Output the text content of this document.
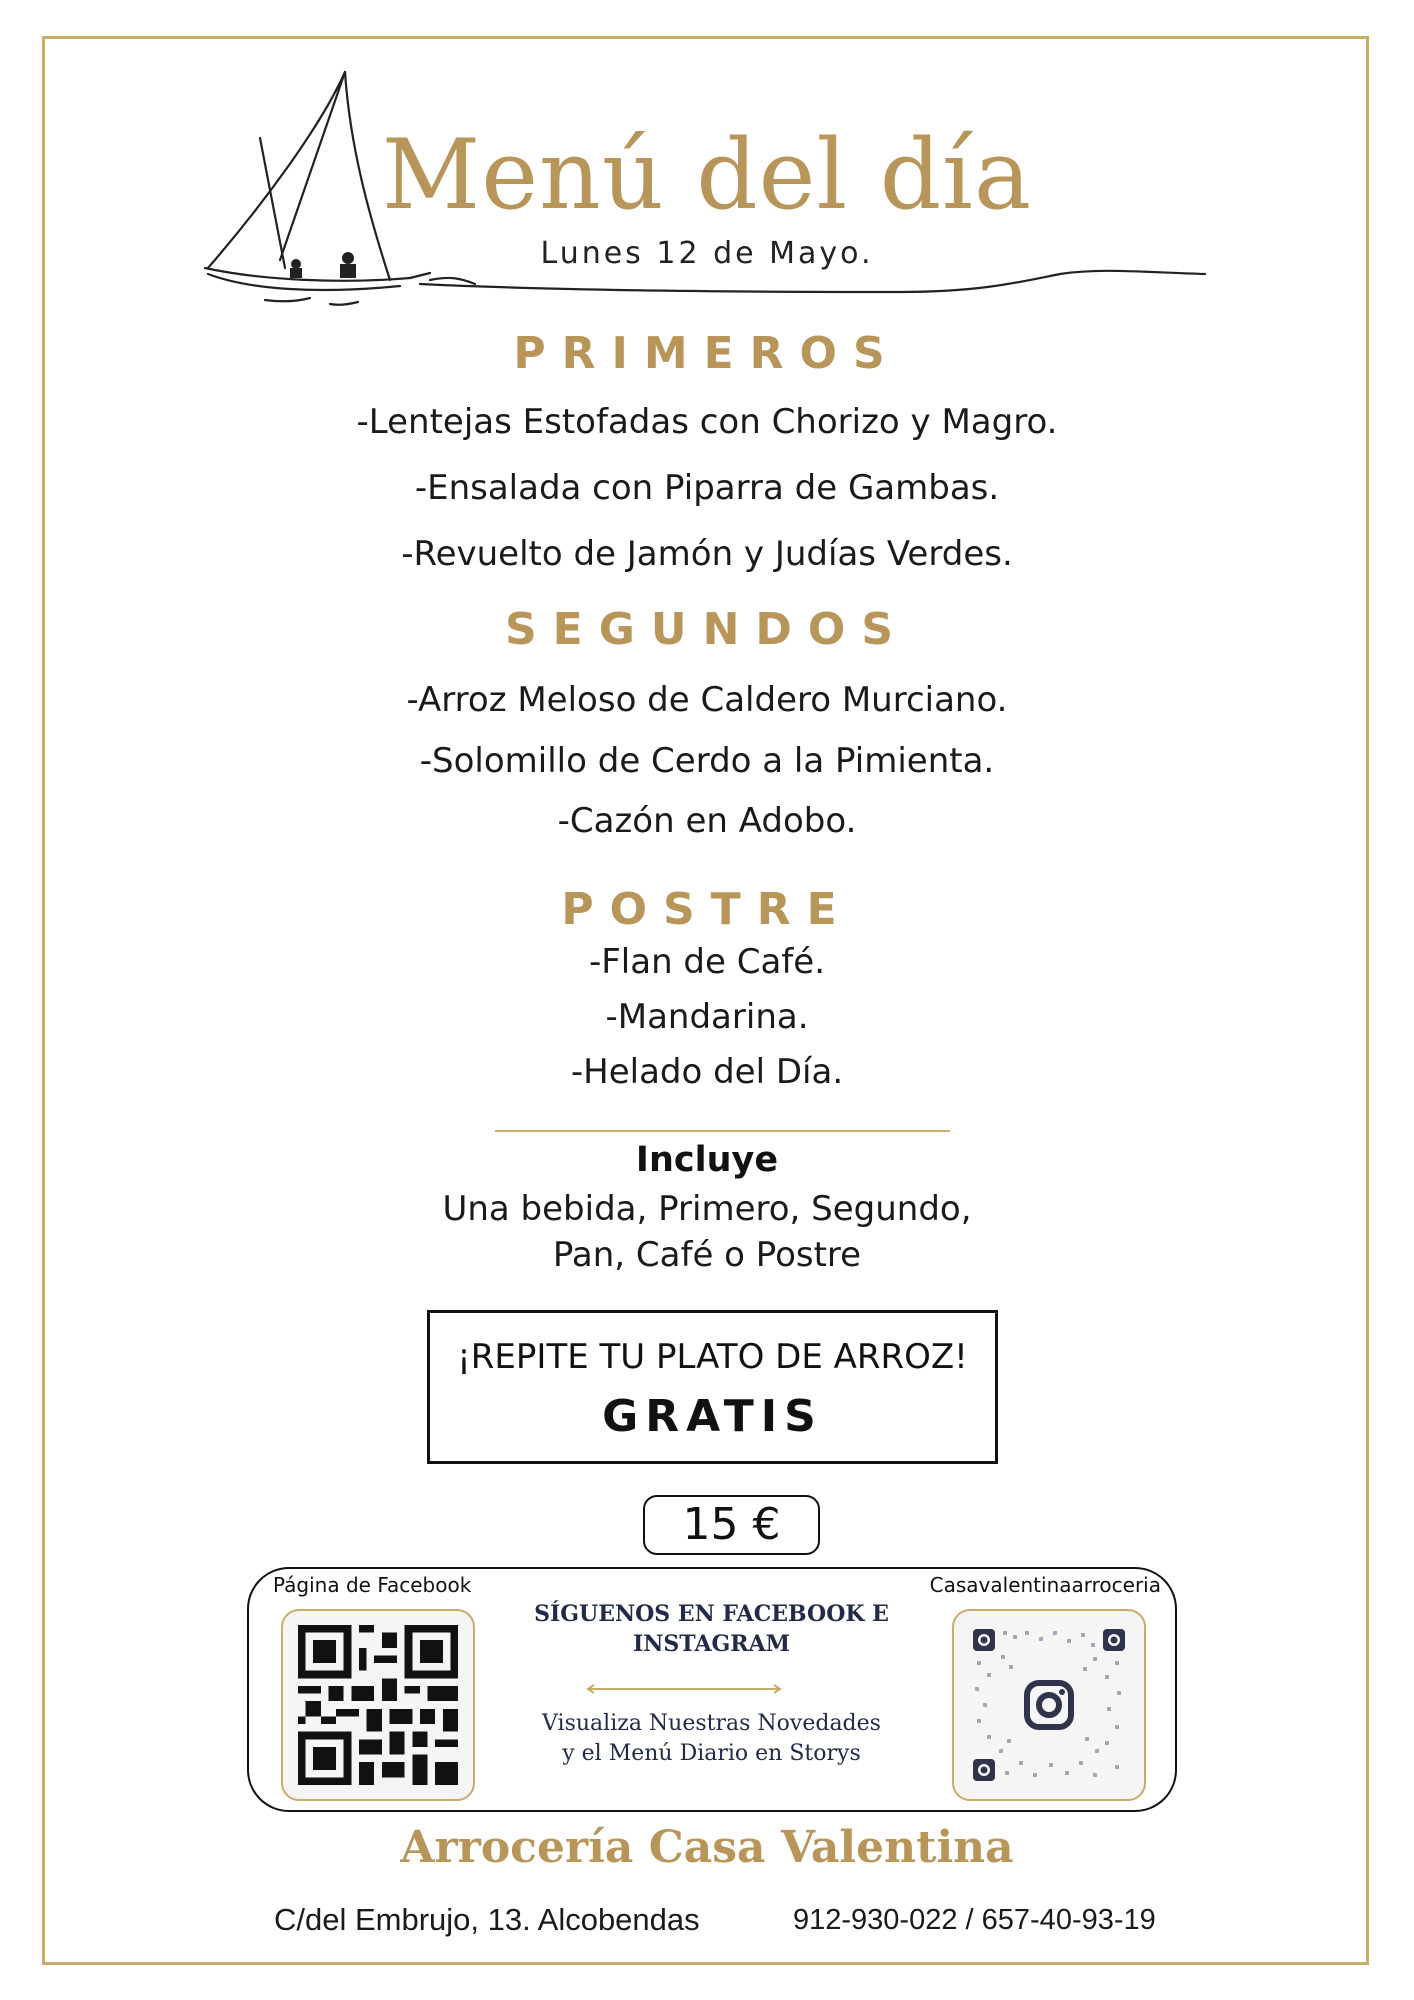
Menú del día
Lunes 12 de Mayo.
PRIMEROS
-Lentejas Estofadas con Chorizo y Magro.
-Ensalada con Piparra de Gambas.
-Revuelto de Jamón y Judías Verdes.
SEGUNDOS
-Arroz Meloso de Caldero Murciano.
-Solomillo de Cerdo a la Pimienta.
-Cazón en Adobo.
POSTRE
-Flan de Café.
-Mandarina.
-Helado del Día.
Incluye
Una bebida, Primero, Segundo,
Pan, Café o Postre
¡REPITE TU PLATO DE ARROZ!
GRATIS
15 €
Página de Facebook	Casavalentinaarroceria
SÍGUENOS EN FACEBOOK E
INSTAGRAM
Visualiza Nuestras Novedades
y el Menú Diario en Storys
Arrocería Casa Valentina
C/del Embrujo, 13. Alcobendas	912-930-022 / 657-40-93-19
